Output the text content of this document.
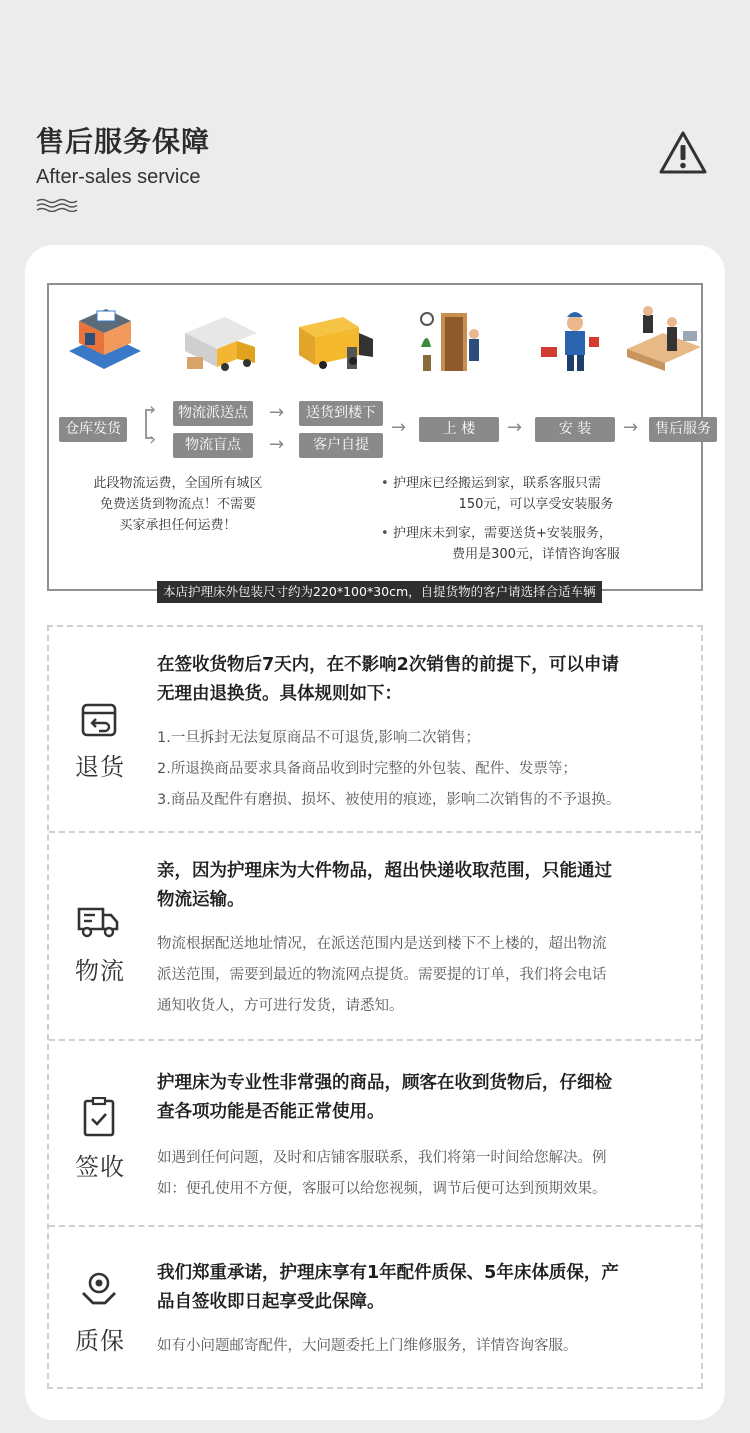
售后服务保障
After-sales service
仓库发货
›
›
物流派送点
物流盲点
→
→
送货到楼下
客户自提
→	上 楼	→	安 装	→	售后服务
此段物流运费，全国所有城区
免费送货到物流点！不需要
买家承担任何运费！
• 护理床已经搬运到家，联系客服只需
150元，可以享受安装服务
• 护理床未到家，需要送货+安装服务，
费用是300元，详情咨询客服
本店护理床外包装尺寸约为220*100*30cm，自提货物的客户请选择合适车辆
退货
在签收货物后7天内，在不影响2次销售的前提下，可以申请
无理由退换货。具体规则如下：

1.一旦拆封无法复原商品不可退货,影响二次销售；

2.所退换商品要求具备商品收到时完整的外包装、配件、发票等；

3.商品及配件有磨损、损坏、被使用的痕迹，影响二次销售的不予退换。

物流
亲，因为护理床为大件物品，超出快递收取范围，只能通过
物流运输。

物流根据配送地址情况，在派送范围内是送到楼下不上楼的，超出物流

派送范围，需要到最近的物流网点提货。需要提的订单，我们将会电话

通知收货人，方可进行发货，请悉知。

签收
护理床为专业性非常强的商品，顾客在收到货物后，仔细检
查各项功能是否能正常使用。

如遇到任何问题，及时和店铺客服联系，我们将第一时间给您解决。例

如：便孔使用不方便，客服可以给您视频，调节后便可达到预期效果。

质保
我们郑重承诺，护理床享有1年配件质保、5年床体质保，产
品自签收即日起享受此保障。

如有小问题邮寄配件，大问题委托上门维修服务，详情咨询客服。
